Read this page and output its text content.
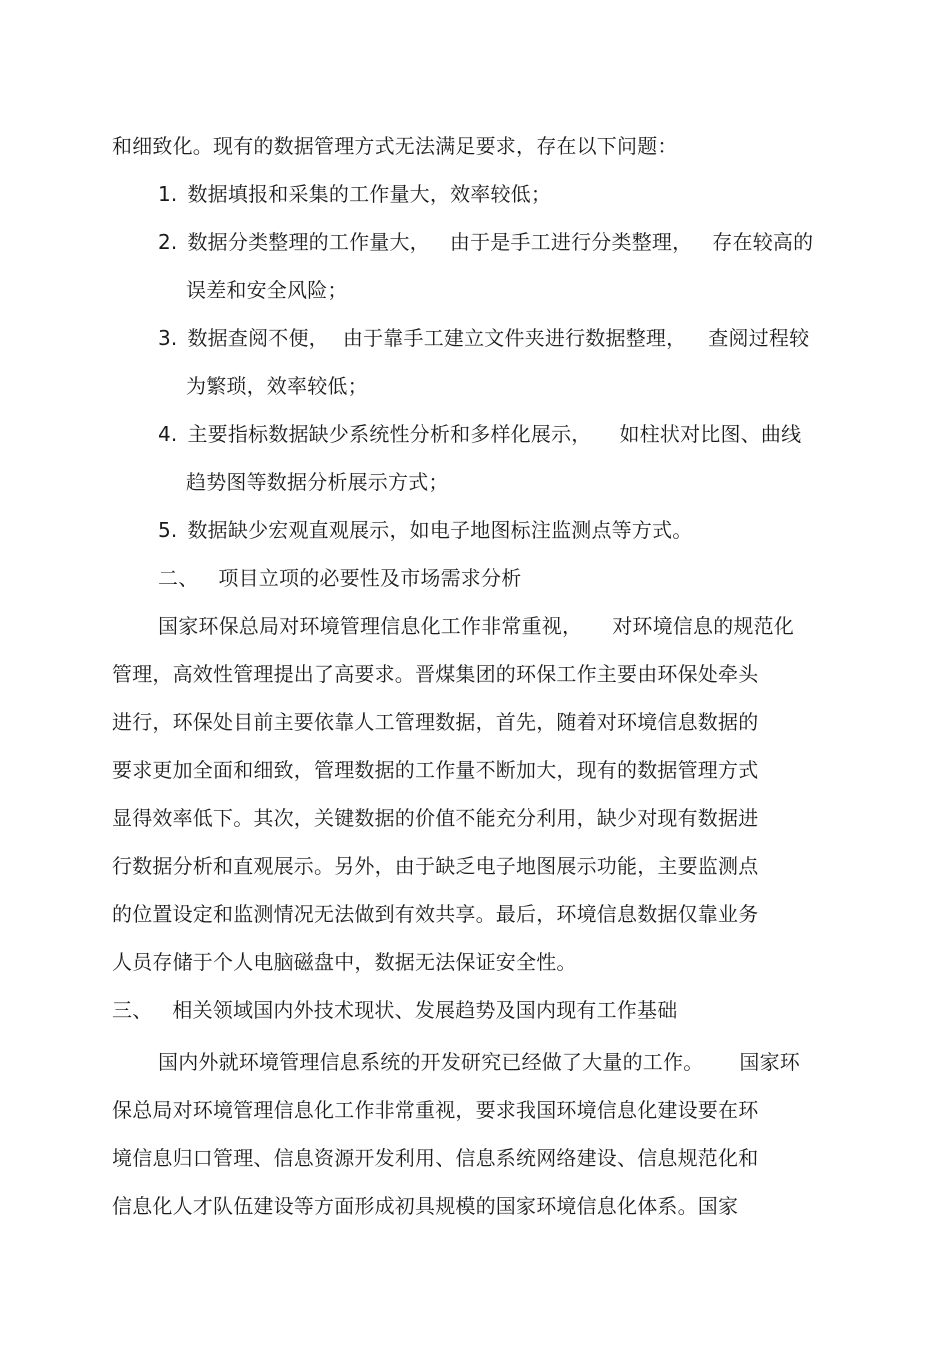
和细致化。现有的数据管理方式无法满足要求，存在以下问题：
1. 数据填报和采集的工作量大，效率较低；
2. 数据分类整理的工作量大， 由于是手工进行分类整理， 存在较高的
误差和安全风险；
3. 数据查阅不便， 由于靠手工建立文件夹进行数据整理， 查阅过程较
为繁琐，效率较低；
4. 主要指标数据缺少系统性分析和多样化展示， 如柱状对比图、曲线
趋势图等数据分析展示方式；
5. 数据缺少宏观直观展示，如电子地图标注监测点等方式。
二、 项目立项的必要性及市场需求分析
国家环保总局对环境管理信息化工作非常重视， 对环境信息的规范化
管理，高效性管理提出了高要求。晋煤集团的环保工作主要由环保处牵头
进行，环保处目前主要依靠人工管理数据，首先，随着对环境信息数据的
要求更加全面和细致，管理数据的工作量不断加大，现有的数据管理方式
显得效率低下。其次，关键数据的价值不能充分利用，缺少对现有数据进
行数据分析和直观展示。另外，由于缺乏电子地图展示功能，主要监测点
的位置设定和监测情况无法做到有效共享。最后，环境信息数据仅靠业务
人员存储于个人电脑磁盘中，数据无法保证安全性。
三、 相关领域国内外技术现状、发展趋势及国内现有工作基础
国内外就环境管理信息系统的开发研究已经做了大量的工作。 国家环
保总局对环境管理信息化工作非常重视，要求我国环境信息化建设要在环
境信息归口管理、信息资源开发利用、信息系统网络建设、信息规范化和
信息化人才队伍建设等方面形成初具规模的国家环境信息化体系。国家
